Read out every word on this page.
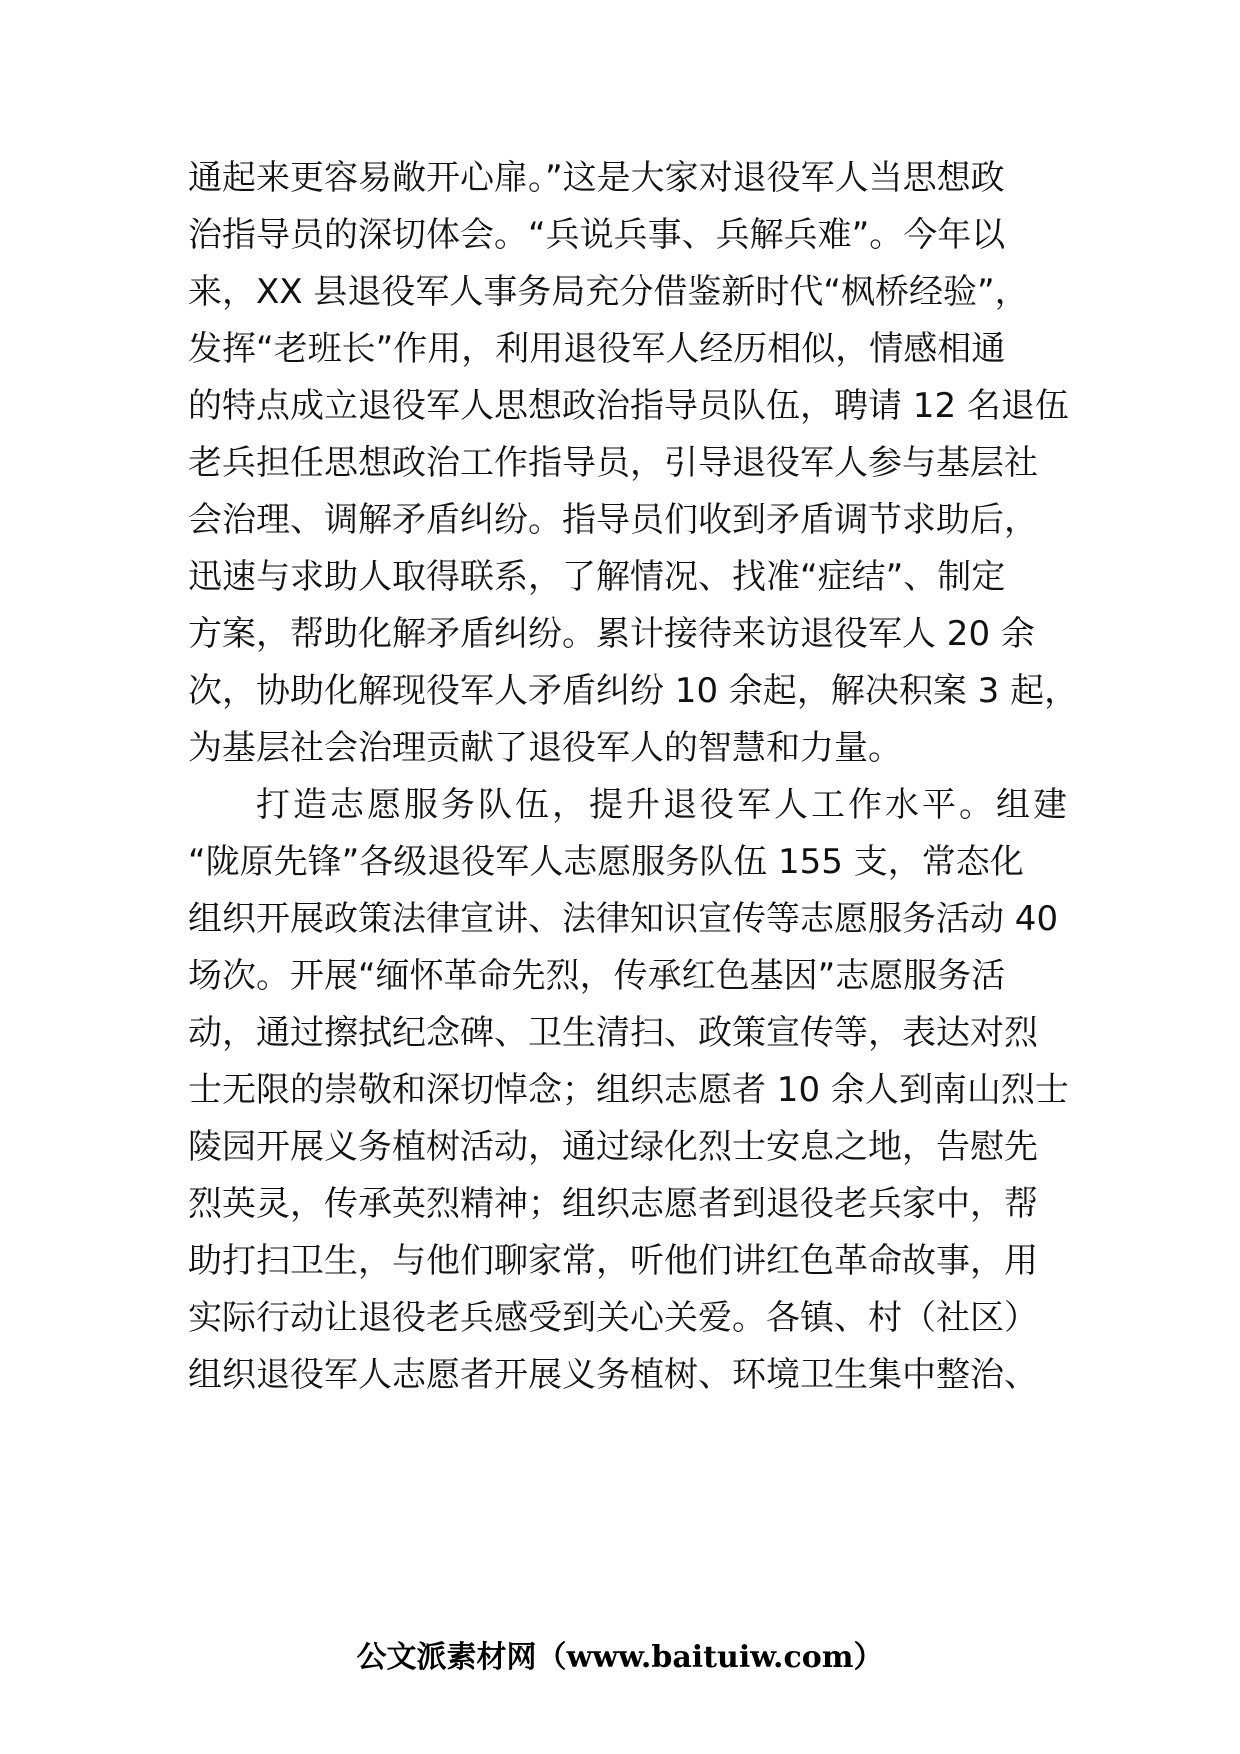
通起来更容易敞开心扉。”这是大家对退役军人当思想政
治指导员的深切体会。“兵说兵事、兵解兵难”。今年以
来，XX 县退役军人事务局充分借鉴新时代“枫桥经验”，
发挥“老班长”作用，利用退役军人经历相似，情感相通
的特点成立退役军人思想政治指导员队伍，聘请 12 名退伍
老兵担任思想政治工作指导员，引导退役军人参与基层社
会治理、调解矛盾纠纷。指导员们收到矛盾调节求助后，
迅速与求助人取得联系，了解情况、找准“症结”、制定
方案，帮助化解矛盾纠纷。累计接待来访退役军人 20 余
次，协助化解现役军人矛盾纠纷 10 余起，解决积案 3 起，
为基层社会治理贡献了退役军人的智慧和力量。
打造志愿服务队伍，提升退役军人工作水平。组建
“陇原先锋”各级退役军人志愿服务队伍 155 支，常态化
组织开展政策法律宣讲、法律知识宣传等志愿服务活动 40
场次。开展“缅怀革命先烈，传承红色基因”志愿服务活
动，通过擦拭纪念碑、卫生清扫、政策宣传等，表达对烈
士无限的崇敬和深切悼念；组织志愿者 10 余人到南山烈士
陵园开展义务植树活动，通过绿化烈士安息之地，告慰先
烈英灵，传承英烈精神；组织志愿者到退役老兵家中，帮
助打扫卫生，与他们聊家常，听他们讲红色革命故事，用
实际行动让退役老兵感受到关心关爱。各镇、村（社区）
组织退役军人志愿者开展义务植树、环境卫生集中整治、
公文派素材网（www.baituiw.com）
